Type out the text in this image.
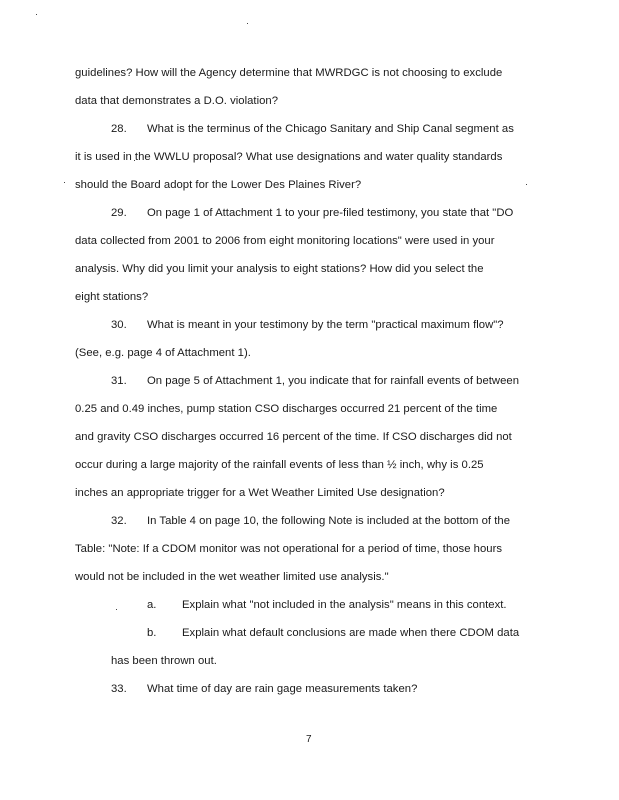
guidelines? How will the Agency determine that MWRDGC is not choosing to exclude
data that demonstrates a D.O. violation?
28. What is the terminus of the Chicago Sanitary and Ship Canal segment as
it is used in the WWLU proposal? What use designations and water quality standards
should the Board adopt for the Lower Des Plaines River?
29. On page 1 of Attachment 1 to your pre-filed testimony, you state that "DO
data collected from 2001 to 2006 from eight monitoring locations" were used in your
analysis. Why did you limit your analysis to eight stations? How did you select the
eight stations?
30. What is meant in your testimony by the term "practical maximum flow"?
(See, e.g. page 4 of Attachment 1).
31. On page 5 of Attachment 1, you indicate that for rainfall events of between
0.25 and 0.49 inches, pump station CSO discharges occurred 21 percent of the time
and gravity CSO discharges occurred 16 percent of the time. If CSO discharges did not
occur during a large majority of the rainfall events of less than ½ inch, why is 0.25
inches an appropriate trigger for a Wet Weather Limited Use designation?
32. In Table 4 on page 10, the following Note is included at the bottom of the
Table: "Note: If a CDOM monitor was not operational for a period of time, those hours
would not be included in the wet weather limited use analysis."
a. Explain what "not included in the analysis" means in this context.
b. Explain what default conclusions are made when there CDOM data
has been thrown out.
33. What time of day are rain gage measurements taken?
7
